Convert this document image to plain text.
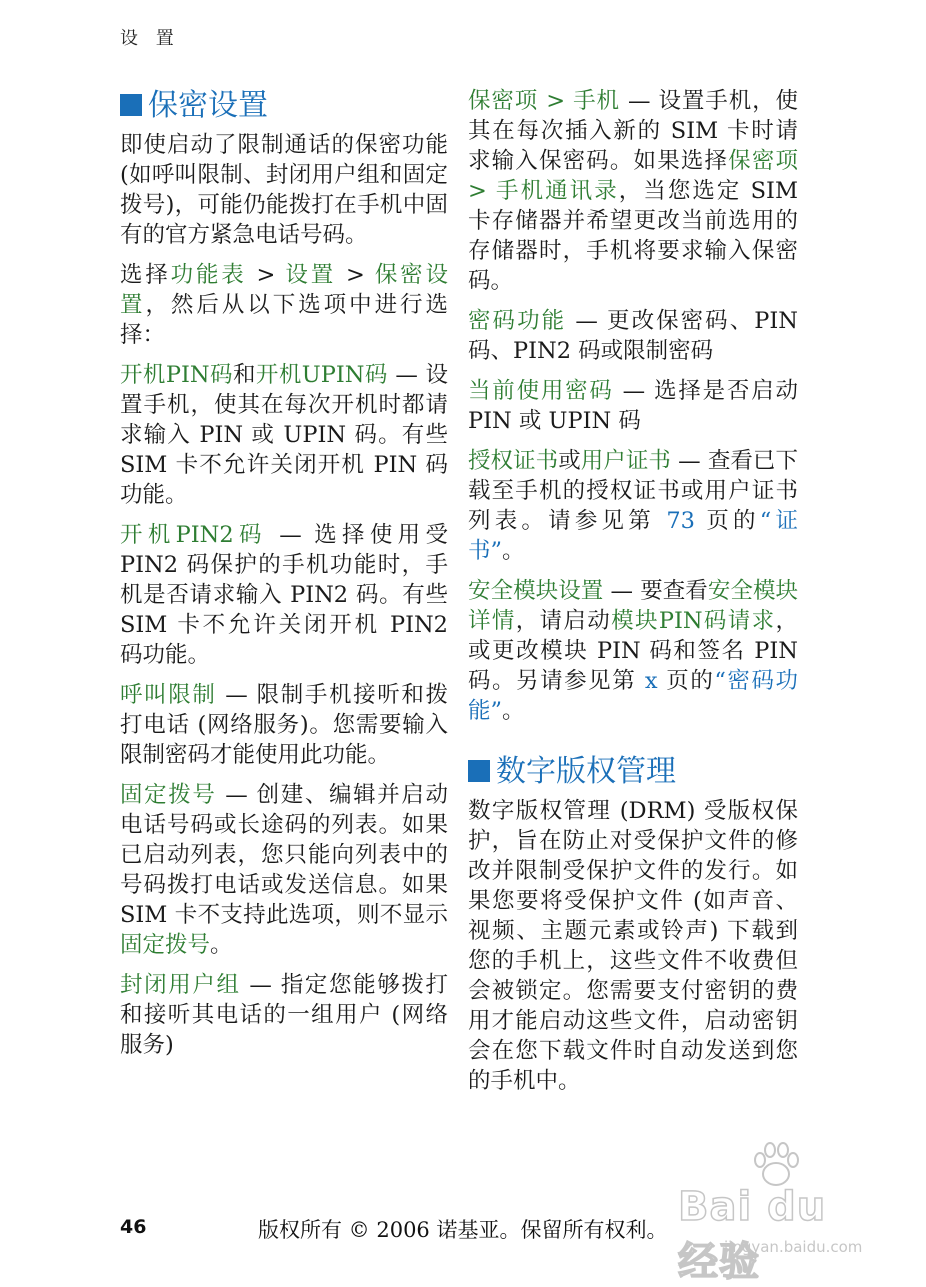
设 置
保密设置

即使启动了限制通话的保密功能 (如呼叫限制、封闭用户组和固定拨号)，可能仍能拨打在手机中固有的官方紧急电话号码。

选择功能表 > 设置 > 保密设置，然后从以下选项中进行选择：

开机PIN码和开机UPIN码 — 设置手机，使其在每次开机时都请求输入 PIN 或 UPIN 码。有些 SIM 卡不允许关闭开机 PIN 码功能。

开机PIN2码 — 选择使用受 PIN2 码保护的手机功能时，手机是否请求输入 PIN2 码。有些 SIM 卡不允许关闭开机 PIN2 码功能。

呼叫限制 — 限制手机接听和拨打电话 (网络服务)。您需要输入限制密码才能使用此功能。

固定拨号 — 创建、编辑并启动电话号码或长途码的列表。如果已启动列表，您只能向列表中的号码拨打电话或发送信息。如果 SIM 卡不支持此选项，则不显示固定拨号。

封闭用户组 — 指定您能够拨打和接听其电话的一组用户 (网络服务)

保密项 > 手机 — 设置手机，使其在每次插入新的 SIM 卡时请求输入保密码。如果选择保密项 > 手机通讯录，当您选定 SIM 卡存储器并希望更改当前选用的存储器时，手机将要求输入保密码。

密码功能 — 更改保密码、PIN 码、PIN2 码或限制密码

当前使用密码 — 选择是否启动 PIN 或 UPIN 码

授权证书或用户证书 — 查看已下载至手机的授权证书或用户证书列表。请参见第 73 页的“证书”。

安全模块设置 — 要查看安全模块详情，请启动模块PIN码请求，或更改模块 PIN 码和签名 PIN 码。另请参见第 x 页的“密码功能”。

数字版权管理

数字版权管理 (DRM) 受版权保护，旨在防止对受保护文件的修改并限制受保护文件的发行。如果您要将受保护文件 (如声音、视频、主题元素或铃声) 下载到您的手机上，这些文件不收费但会被锁定。您需要支付密钥的费用才能启动这些文件，启动密钥会在您下载文件时自动发送到您的手机中。

46	版权所有 © 2006 诺基亚。保留所有权利。 Bai du 经验
jingyan.baidu.com
